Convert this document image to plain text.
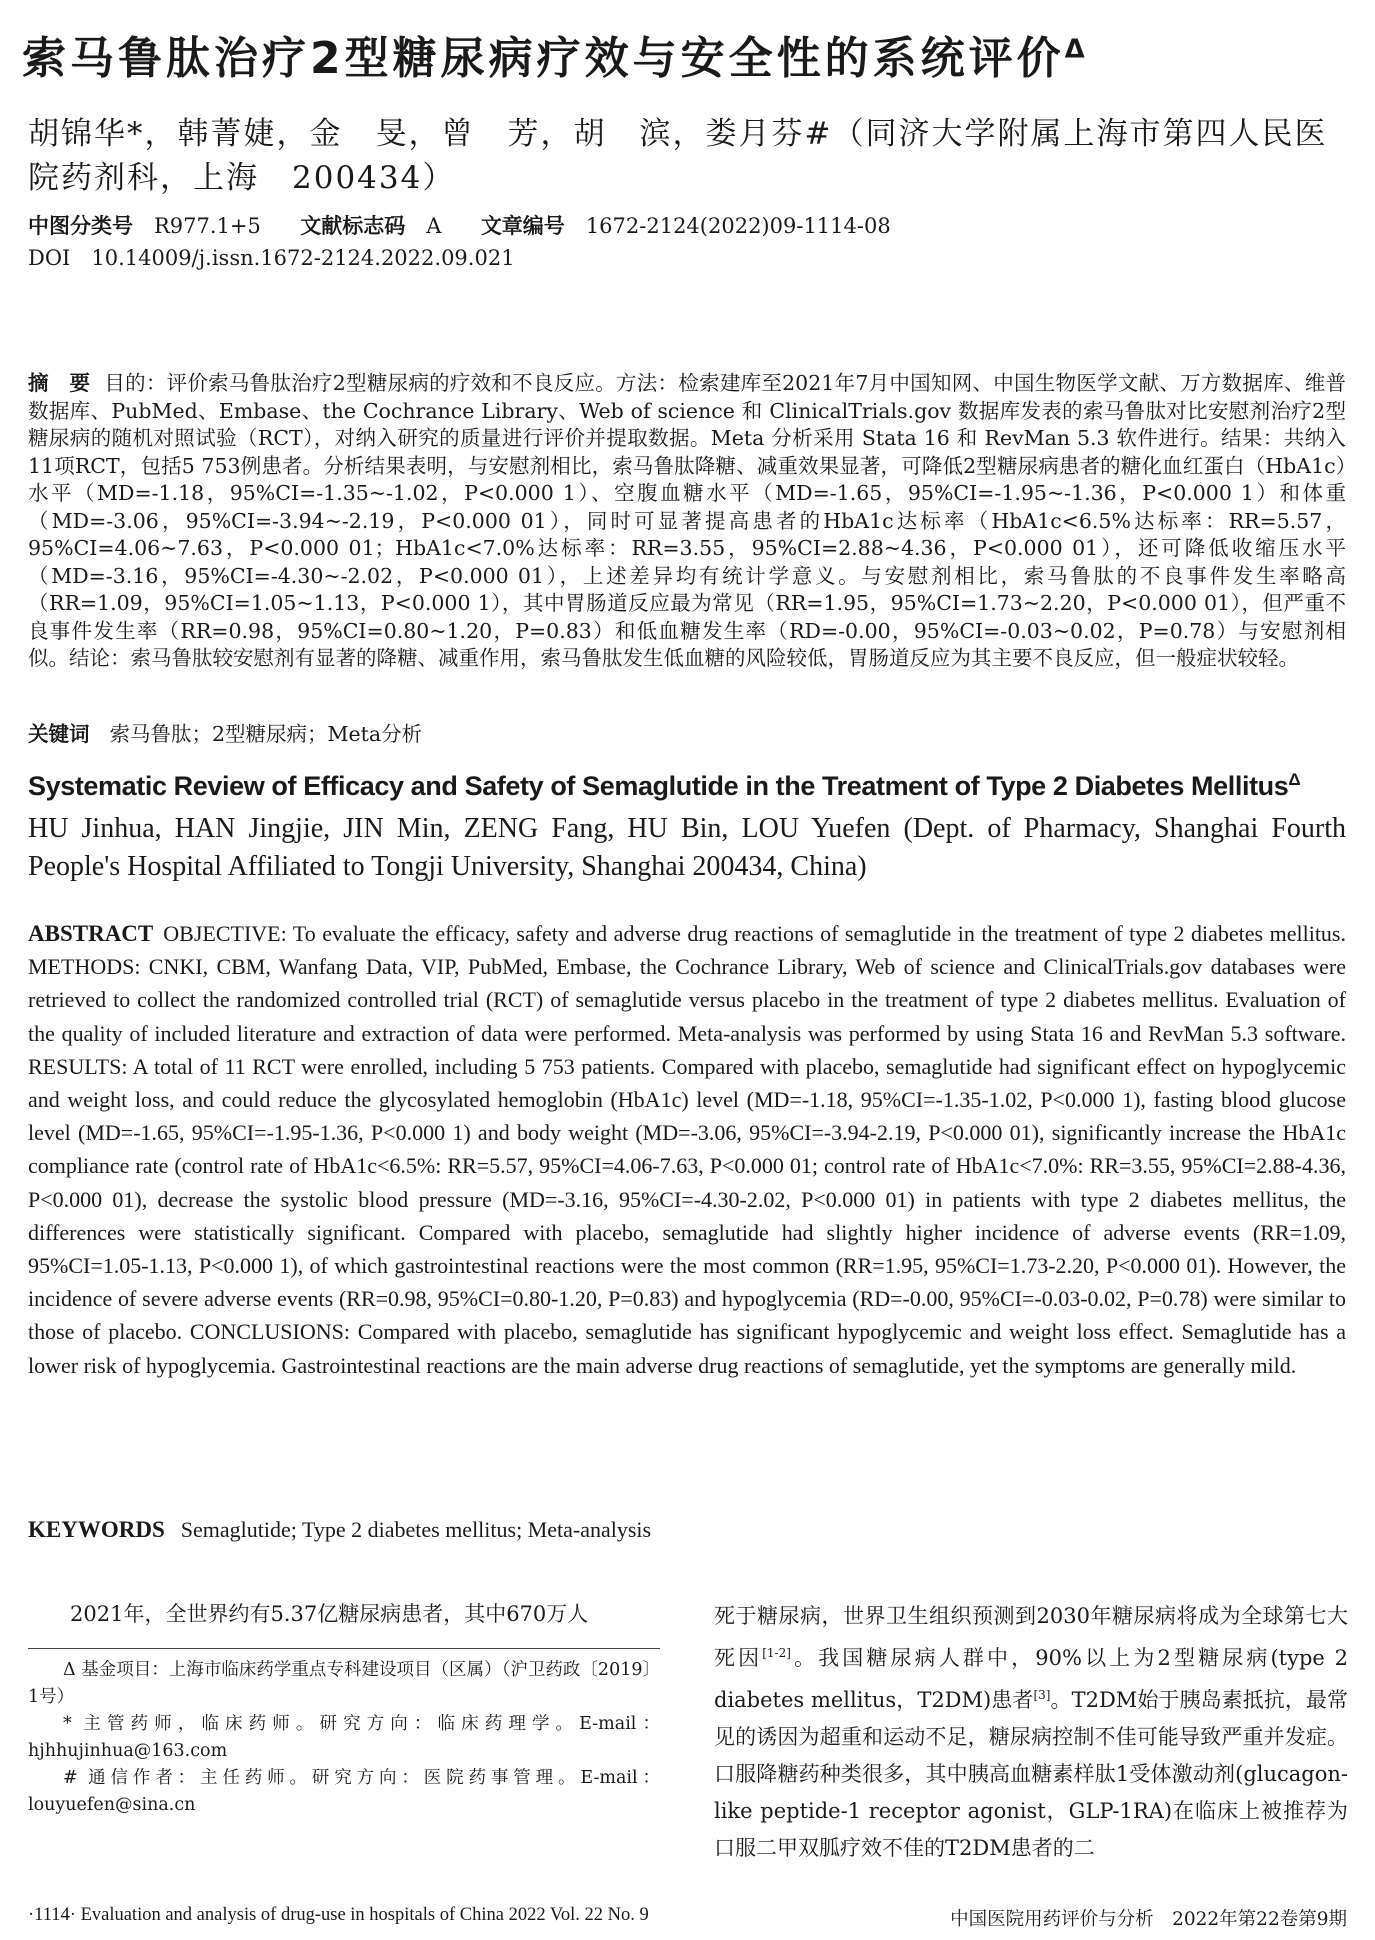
索马鲁肽治疗2型糖尿病疗效与安全性的系统评价$^\Delta$
胡锦华*，韩菁婕，金　旻，曾　芳，胡　滨，娄月芬#（同济大学附属上海市第四人民医院药剂科，上海　200434）
中图分类号　 R977.1+5 文献标志码　 A 文章编号　 1672-2124(2022)09-1114-08
DOI　 10.14009/j.issn.1672-2124.2022.09.021
摘　要 目的：评价索马鲁肽治疗2型糖尿病的疗效和不良反应。方法：检索建库至2021年7月中国知网、中国生物医学文献、万方数据库、维普数据库、PubMed、Embase、the Cochrance Library、Web of science 和 ClinicalTrials.gov 数据库发表的索马鲁肽对比安慰剂治疗2型糖尿病的随机对照试验（RCT），对纳入研究的质量进行评价并提取数据。Meta 分析采用 Stata 16 和 RevMan 5.3 软件进行。结果：共纳入11项RCT，包括5 753例患者。分析结果表明，与安慰剂相比，索马鲁肽降糖、减重效果显著，可降低2型糖尿病患者的糖化血红蛋白（HbA1c）水平（MD=-1.18，95%CI=-1.35~-1.02，P<0.000 1）、空腹血糖水平（MD=-1.65，95%CI=-1.95~-1.36，P<0.000 1）和体重（MD=-3.06，95%CI=-3.94~-2.19，P<0.000 01），同时可显著提高患者的HbA1c达标率（HbA1c<6.5%达标率：RR=5.57，95%CI=4.06~7.63，P<0.000 01；HbA1c<7.0%达标率：RR=3.55，95%CI=2.88~4.36，P<0.000 01），还可降低收缩压水平（MD=-3.16，95%CI=-4.30~-2.02，P<0.000 01），上述差异均有统计学意义。与安慰剂相比，索马鲁肽的不良事件发生率略高（RR=1.09，95%CI=1.05~1.13，P<0.000 1），其中胃肠道反应最为常见（RR=1.95，95%CI=1.73~2.20，P<0.000 01），但严重不良事件发生率（RR=0.98，95%CI=0.80~1.20，P=0.83）和低血糖发生率（RD=-0.00，95%CI=-0.03~0.02，P=0.78）与安慰剂相似。结论：索马鲁肽较安慰剂有显著的降糖、减重作用，索马鲁肽发生低血糖的风险较低，胃肠道反应为其主要不良反应，但一般症状较轻。
关键词 索马鲁肽；2型糖尿病；Meta分析
Systematic Review of Efficacy and Safety of Semaglutide in the Treatment of Type 2 Diabetes Mellitus$^\Delta$
HU Jinhua, HAN Jingjie, JIN Min, ZENG Fang, HU Bin, LOU Yuefen (Dept. of Pharmacy, Shanghai Fourth People's Hospital Affiliated to Tongji University, Shanghai 200434, China)
ABSTRACT OBJECTIVE: To evaluate the efficacy, safety and adverse drug reactions of semaglutide in the treatment of type 2 diabetes mellitus. METHODS: CNKI, CBM, Wanfang Data, VIP, PubMed, Embase, the Cochrance Library, Web of science and ClinicalTrials.gov databases were retrieved to collect the randomized controlled trial (RCT) of semaglutide versus placebo in the treatment of type 2 diabetes mellitus. Evaluation of the quality of included literature and extraction of data were performed. Meta-analysis was performed by using Stata 16 and RevMan 5.3 software. RESULTS: A total of 11 RCT were enrolled, including 5 753 patients. Compared with placebo, semaglutide had significant effect on hypoglycemic and weight loss, and could reduce the glycosylated hemoglobin (HbA1c) level (MD=-1.18, 95%CI=-1.35-1.02, P<0.000 1), fasting blood glucose level (MD=-1.65, 95%CI=-1.95-1.36, P<0.000 1) and body weight (MD=-3.06, 95%CI=-3.94-2.19, P<0.000 01), significantly increase the HbA1c compliance rate (control rate of HbA1c<6.5%: RR=5.57, 95%CI=4.06-7.63, P<0.000 01; control rate of HbA1c<7.0%: RR=3.55, 95%CI=2.88-4.36, P<0.000 01), decrease the systolic blood pressure (MD=-3.16, 95%CI=-4.30-2.02, P<0.000 01) in patients with type 2 diabetes mellitus, the differences were statistically significant. Compared with placebo, semaglutide had slightly higher incidence of adverse events (RR=1.09, 95%CI=1.05-1.13, P<0.000 1), of which gastrointestinal reactions were the most common (RR=1.95, 95%CI=1.73-2.20, P<0.000 01). However, the incidence of severe adverse events (RR=0.98, 95%CI=0.80-1.20, P=0.83) and hypoglycemia (RD=-0.00, 95%CI=-0.03-0.02, P=0.78) were similar to those of placebo. CONCLUSIONS: Compared with placebo, semaglutide has significant hypoglycemic and weight loss effect. Semaglutide has a lower risk of hypoglycemia. Gastrointestinal reactions are the main adverse drug reactions of semaglutide, yet the symptoms are generally mild.
KEYWORDS Semaglutide; Type 2 diabetes mellitus; Meta-analysis
2021年，全世界约有5.37亿糖尿病患者，其中670万人

Δ 基金项目：上海市临床药学重点专科建设项目（区属）（沪卫药政〔2019〕1号）

* 主管药师，临床药师。研究方向：临床药理学。E-mail：hjhhujinhua@163.com

# 通信作者：主任药师。研究方向：医院药事管理。E-mail：louyuefen@sina.cn

死于糖尿病，世界卫生组织预测到2030年糖尿病将成为全球第七大死因[1-2]。我国糖尿病人群中，90%以上为2型糖尿病(type 2 diabetes mellitus，T2DM)患者[3]。T2DM始于胰岛素抵抗，最常见的诱因为超重和运动不足，糖尿病控制不佳可能导致严重并发症。口服降糖药种类很多，其中胰高血糖素样肽1受体激动剂(glucagon-like peptide-1 receptor agonist，GLP-1RA)在临床上被推荐为口服二甲双胍疗效不佳的T2DM患者的二
·1114· Evaluation and analysis of drug-use in hospitals of China 2022 Vol. 22 No. 9	中国医院用药评价与分析　2022年第22卷第9期
